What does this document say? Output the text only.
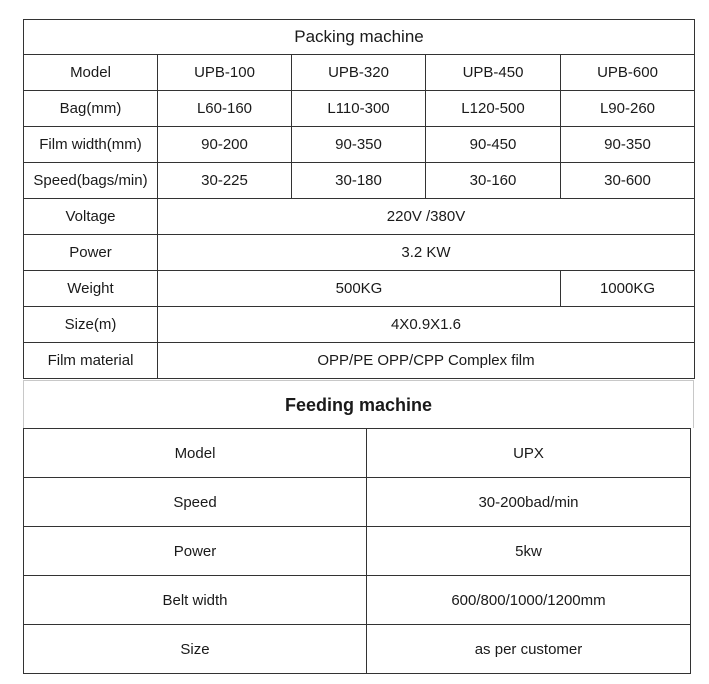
Packing machine				
Model	UPB-100	UPB-320	UPB-450	UPB-600
Bag(mm)	L60-160	L110-300	L120-500	L90-260
Film width(mm)	90-200	90-350	90-450	90-350
Speed(bags/min)	30-225	30-180	30-160	30-600
Voltage	220V /380V			
Power	3.2 KW			
Weight	500KG			1000KG
Size(m)	4X0.9X1.6			
Film material	OPP/PE OPP/CPP Complex film			
Feeding machine
Model	UPX
Speed	30-200bad/min
Power	5kw
Belt width	600/800/1000/1200mm
Size	as per customer
